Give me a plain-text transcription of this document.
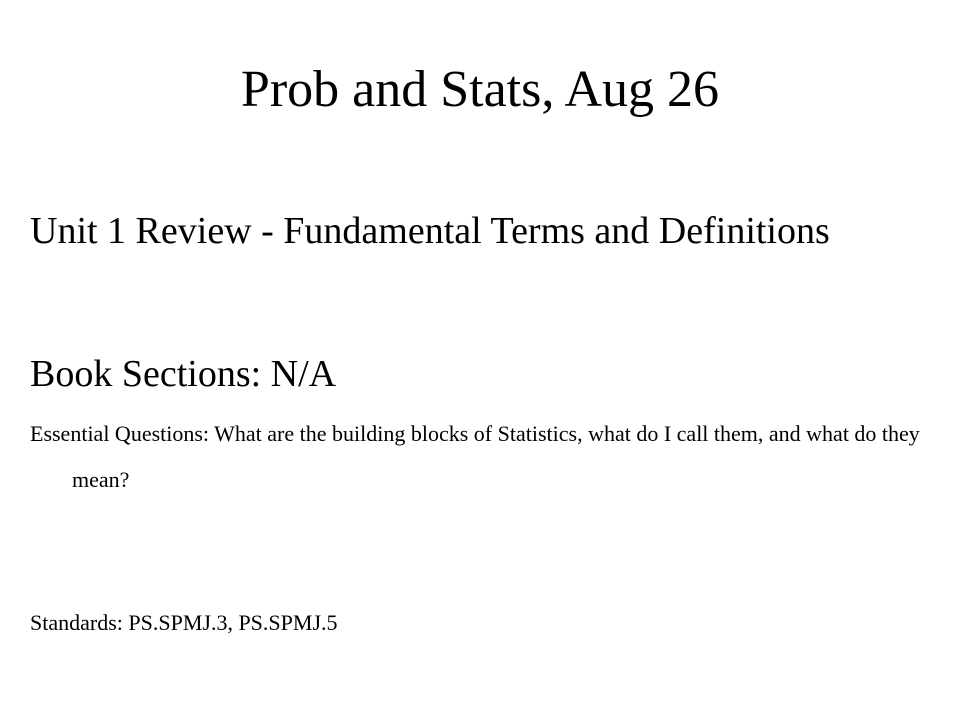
Prob and Stats, Aug 26
Unit 1 Review - Fundamental Terms and Definitions
Book Sections: N/A
Essential Questions: What are the building blocks of Statistics, what do I call them, and what do they mean?
Standards: PS.SPMJ.3, PS.SPMJ.5
